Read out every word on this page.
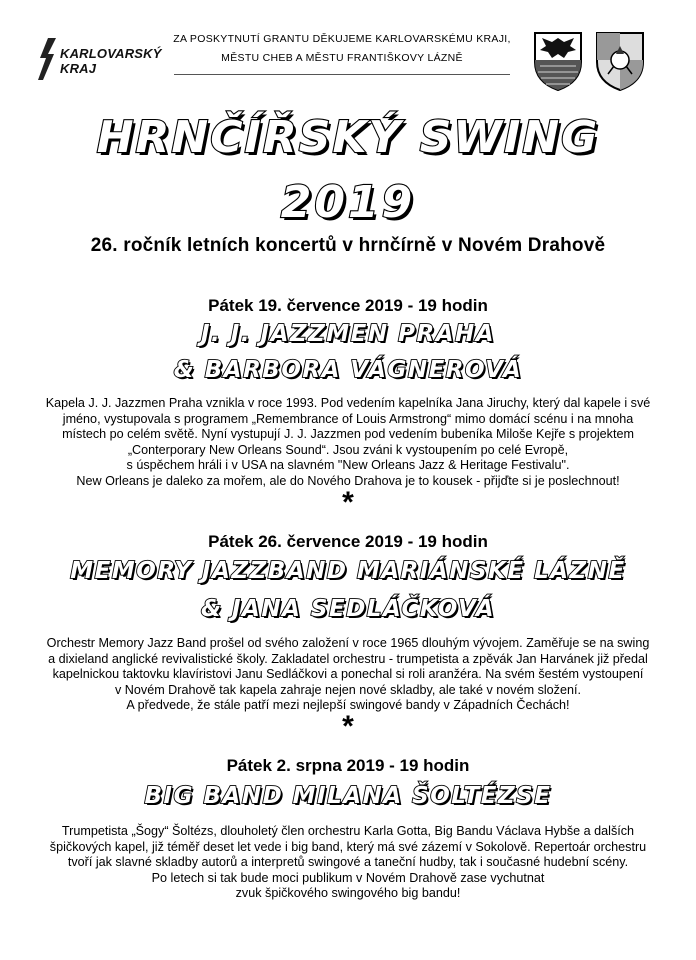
KARLOVARSKÝ
KRAJ
ZA POSKYTNUTÍ GRANTU DĚKUJEME KARLOVARSKÉMU KRAJI,
MĚSTU CHEB A MĚSTU FRANTIŠKOVY LÁZNĚ
HRNČÍŘSKÝ SWING
2019
26. ročník letních koncertů v hrnčírně v Novém Drahově
Pátek 19. července 2019 - 19 hodin
J. J. JAZZMEN PRAHA
& BARBORA VÁGNEROVÁ
Kapela J. J. Jazzmen Praha vznikla v roce 1993. Pod vedením kapelníka Jana Jiruchy, který dal kapele i své
jméno, vystupovala s programem „Remembrance of Louis Armstrong“ mimo domácí scénu i na mnoha
místech po celém světě. Nyní vystupují J. J. Jazzmen pod vedením bubeníka Miloše Kejře s projektem
„Conterporary New Orleans Sound“. Jsou zváni k vystoupením po celé Evropě,
s úspěchem hráli i v USA na slavném "New Orleans Jazz & Heritage Festivalu".
New Orleans je daleko za mořem, ale do Nového Drahova je to kousek - přijďte si je poslechnout!
*
Pátek 26. července 2019 - 19 hodin
MEMORY JAZZBAND MARIÁNSKÉ LÁZNĚ
& JANA SEDLÁČKOVÁ
Orchestr Memory Jazz Band prošel od svého založení v roce 1965 dlouhým vývojem. Zaměřuje se na swing
a dixieland anglické revivalistické školy. Zakladatel orchestru - trumpetista a zpěvák Jan Harvánek již předal
kapelnickou taktovku klavíristovi Janu Sedláčkovi a ponechal si roli aranžéra. Na svém šestém vystoupení
v Novém Drahově tak kapela zahraje nejen nové skladby, ale také v novém složení.
A předvede, že stále patří mezi nejlepší swingové bandy v Západních Čechách!
*
Pátek 2. srpna 2019 - 19 hodin
BIG BAND MILANA ŠOLTÉZSE
Trumpetista „Šogy“ Šoltézs, dlouholetý člen orchestru Karla Gotta, Big Bandu Václava Hybše a dalších
špičkových kapel, již téměř deset let vede i big band, který má své zázemí v Sokolově. Repertoár orchestru
tvoří jak slavné skladby autorů a interpretů swingové a taneční hudby, tak i současné hudební scény.
Po letech si tak bude moci publikum v Novém Drahově zase vychutnat
zvuk špičkového swingového big bandu!
